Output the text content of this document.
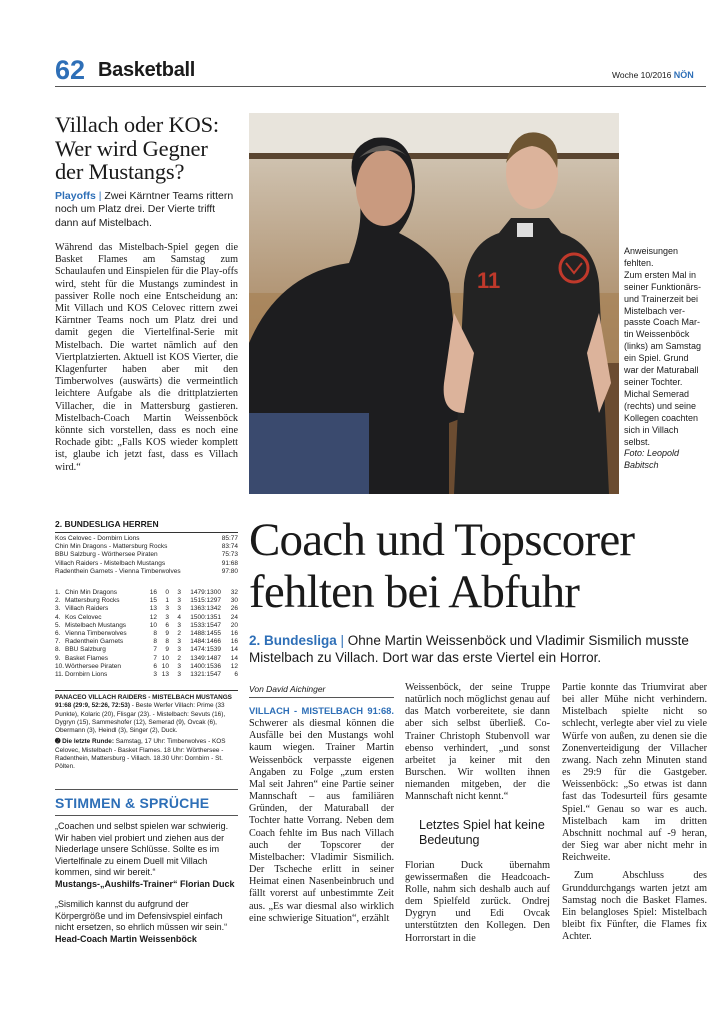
62 Basketball	Woche 10/2016 NÖN
Villach oder KOS: Wer wird Gegner der Mustangs?
Playoffs | Zwei Kärntner Teams rittern noch um Platz drei. Der Vierte trifft dann auf Mistelbach.

Während das Mistelbach-Spiel gegen die Basket Flames am Samstag zum Schaulaufen und Einspielen für die Play-offs wird, steht für die Mustangs zumindest in passiver Rolle noch eine Entscheidung an: Mit Villach und KOS Celovec rittern zwei Kärntner Teams noch um Platz drei und damit gegen die Viertelfinal-Serie mit Mistelbach. Die wartet nämlich auf den Viertplatzierten. Aktuell ist KOS Vierter, die Klagenfurter haben aber mit den Timberwolves (auswärts) die vermeintlich leichtere Aufgabe als die drittplatzierten Villacher, die in Mattersburg gastieren. Mistelbach-Coach Martin Weissenböck könnte sich vorstellen, dass es noch eine Rochade gibt: „Falls KOS wieder komplett ist, glaube ich jetzt fast, dass es Villach wird.“

11
Anweisungen
fehlten.
Zum ersten Mal in
seiner Funktionärs-
und Trainerzeit bei
Mistelbach ver-
passte Coach Mar-
tin Weissenböck
(links) am Samstag
ein Spiel. Grund
war der Maturaball
seiner Tochter.
Michal Semerad
(rechts) und seine
Kollegen coachten
sich in Villach
selbst.
Foto: Leopold
Babitsch
2. BUNDESLIGA HERREN
Kos Celovec - Dornbirn Lions	85:77
Chin Min Dragons - Mattersburg Rocks	83:74
BBU Salzburg - Wörthersee Piraten	75:73
Villach Raiders - Mistelbach Mustangs	91:68
Radenthein Garnets - Vienna Timberwolves	97:80
1. Chin Min Dragons	16	0	3	1479:1300	32
2. Mattersburg Rocks	15	1	3	1515:1297	30
3. Villach Raiders	13	3	3	1363:1342	26
4. Kos Celovec	12	3	4	1500:1351	24
5. Mistelbach Mustangs	10	6	3	1533:1547	20
6. Vienna Timberwolves	8	9	2	1488:1455	16
7. Radenthein Garnets	8	8	3	1484:1466	16
8. BBU Salzburg	7	9	3	1474:1539	14
9. Basket Flames	7 10	2	1349:1487	14
10. Wörthersee Piraten	6 10	3	1400:1536	12
11. Dornbirn Lions	3 13	3	1321:1547	6
PANACEO VILLACH RAIDERS - MISTELBACH MUSTANGS
91:68 (29:9, 52:26, 72:53) - Beste Werfer Villach: Prime (33 Punkte), Kolaric (20), Flisgar (23). - Mistelbach: Sevuts (16), Dygryn (15), Sammeshofer (12), Semerad (9), Ovcak (6), Obermann (3), Heindl (3), Singer (2), Duck.
➋ Die letzte Runde: Samstag, 17 Uhr: Timberwolves - KOS Celovec, Mistelbach - Basket Flames. 18 Uhr: Wörthersee - Radenthein, Mattersburg - Villach. 18.30 Uhr: Dornbirn - St. Pölten.
STIMMEN & SPRÜCHE
„Coachen und selbst spielen war schwierig. Wir haben viel probiert und ziehen aus der Niederlage unsere Schlüsse. Sollte es im Viertelfinale zu einem Duell mit Villach kommen, sind wir bereit.“
Mustangs-„Aushilfs-Trainer“ Florian Duck
„Sismilich kannst du aufgrund der Körpergröße und im Defensivspiel einfach nicht ersetzen, so ehrlich müssen wir sein.“
Head-Coach Martin Weissenböck
Coach und Topscorer
fehlten bei Abfuhr
2. Bundesliga | Ohne Martin Weissenböck und Vladimir Sismilich musste Mistelbach zu Villach. Dort war das erste Viertel ein Horror.
Von David Aichinger

VILLACH - MISTELBACH 91:68. Schwerer als diesmal können die Ausfälle bei den Mustangs wohl kaum wiegen. Trainer Martin Weissenböck verpasste eigenen Angaben zu Folge „zum ersten Mal seit Jahren“ eine Partie seiner Mannschaft – aus familiären Gründen, der Maturaball der Tochter hatte Vorrang. Neben dem Coach fehlte im Bus nach Villach auch der Topscorer der Mistelbacher: Vladimir Sismilich. Der Tscheche erlitt in seiner Heimat einen Nasenbeinbruch und fällt vorerst auf unbestimmte Zeit aus. „Es war diesmal also wirklich eine schwierige Situation“, erzählt

Weissenböck, der seine Truppe natürlich noch möglichst genau auf das Match vorbereitete, sie dann aber sich selbst überließ. Co-Trainer Christoph Stubenvoll war ebenso verhindert, „und sonst arbeitet ja keiner mit den Burschen. Wir wollten ihnen niemanden mitgeben, der die Mannschaft nicht kennt.“

Letztes Spiel hat keine Bedeutung

Florian Duck übernahm gewissermaßen die Headcoach-Rolle, nahm sich deshalb auch auf dem Spielfeld zurück. Ondrej Dygryn und Edi Ovcak unterstützten den Kollegen. Den Horrorstart in die

Partie konnte das Triumvirat aber bei aller Mühe nicht verhindern. Mistelbach spielte nicht so schlecht, verlegte aber viel zu viele Würfe von außen, zu denen sie die Zonenverteidigung der Villacher zwang. Nach zehn Minuten stand es 29:9 für die Gastgeber. Weissenböck: „So etwas ist dann fast das Todesurteil fürs gesamte Spiel.“ Genau so war es auch. Mistelbach kam im dritten Abschnitt nochmal auf -9 heran, der Sieg war aber nicht mehr in Reichweite.

Zum Abschluss des Grunddurchgangs warten jetzt am Samstag noch die Basket Flames. Ein belangloses Spiel: Mistelbach bleibt fix Fünfter, die Flames fix Achter.
